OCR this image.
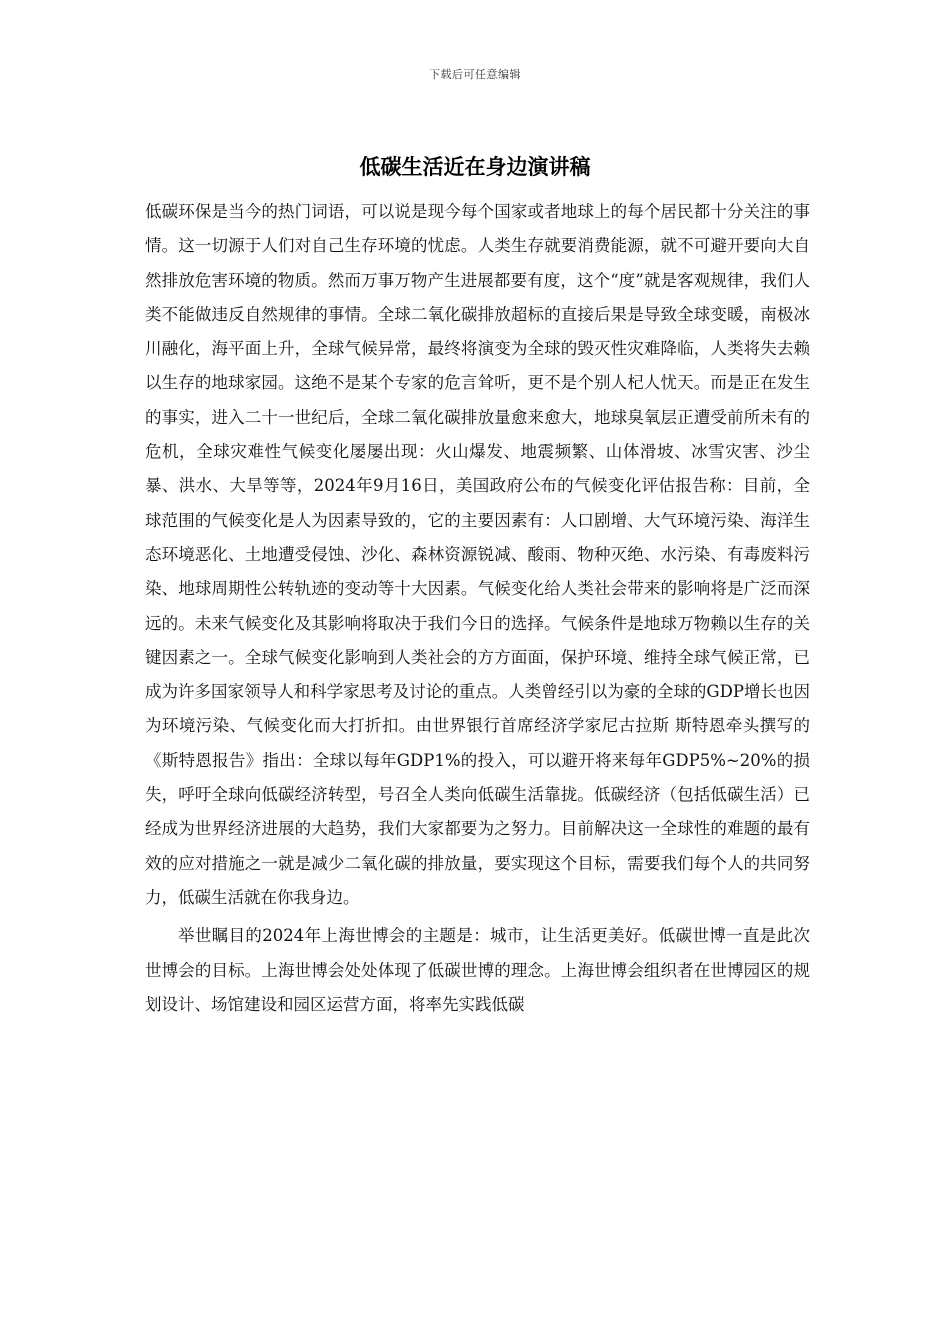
下载后可任意编辑
低碳生活近在身边演讲稿

低碳环保是当今的热门词语，可以说是现今每个国家或者地球上的每个居民都十分关注的事情。这一切源于人们对自己生存环境的忧虑。人类生存就要消费能源，就不可避开要向大自然排放危害环境的物质。然而万事万物产生进展都要有度，这个“度”就是客观规律，我们人类不能做违反自然规律的事情。全球二氧化碳排放超标的直接后果是导致全球变暖，南极冰川融化，海平面上升，全球气候异常，最终将演变为全球的毁灭性灾难降临，人类将失去赖以生存的地球家园。这绝不是某个专家的危言耸听，更不是个别人杞人忧天。而是正在发生的事实，进入二十一世纪后，全球二氧化碳排放量愈来愈大，地球臭氧层正遭受前所未有的危机，全球灾难性气候变化屡屡出现：火山爆发、地震频繁、山体滑坡、冰雪灾害、沙尘暴、洪水、大旱等等，2024年9月16日，美国政府公布的气候变化评估报告称：目前，全球范围的气候变化是人为因素导致的，它的主要因素有：人口剧增、大气环境污染、海洋生态环境恶化、土地遭受侵蚀、沙化、森林资源锐减、酸雨、物种灭绝、水污染、有毒废料污染、地球周期性公转轨迹的变动等十大因素。气候变化给人类社会带来的影响将是广泛而深远的。未来气候变化及其影响将取决于我们今日的选择。气候条件是地球万物赖以生存的关键因素之一。全球气候变化影响到人类社会的方方面面，保护环境、维持全球气候正常，已成为许多国家领导人和科学家思考及讨论的重点。人类曾经引以为豪的全球的GDP增长也因为环境污染、气候变化而大打折扣。由世界银行首席经济学家尼古拉斯 斯特恩牵头撰写的《斯特恩报告》指出：全球以每年GDP1%的投入，可以避开将来每年GDP5%~20%的损失，呼吁全球向低碳经济转型，号召全人类向低碳生活靠拢。低碳经济（包括低碳生活）已经成为世界经济进展的大趋势，我们大家都要为之努力。目前解决这一全球性的难题的最有效的应对措施之一就是减少二氧化碳的排放量，要实现这个目标，需要我们每个人的共同努力，低碳生活就在你我身边。

举世瞩目的2024年上海世博会的主题是：城市，让生活更美好。低碳世博一直是此次世博会的目标。上海世博会处处体现了低碳世博的理念。上海世博会组织者在世博园区的规划设计、场馆建设和园区运营方面，将率先实践低碳
